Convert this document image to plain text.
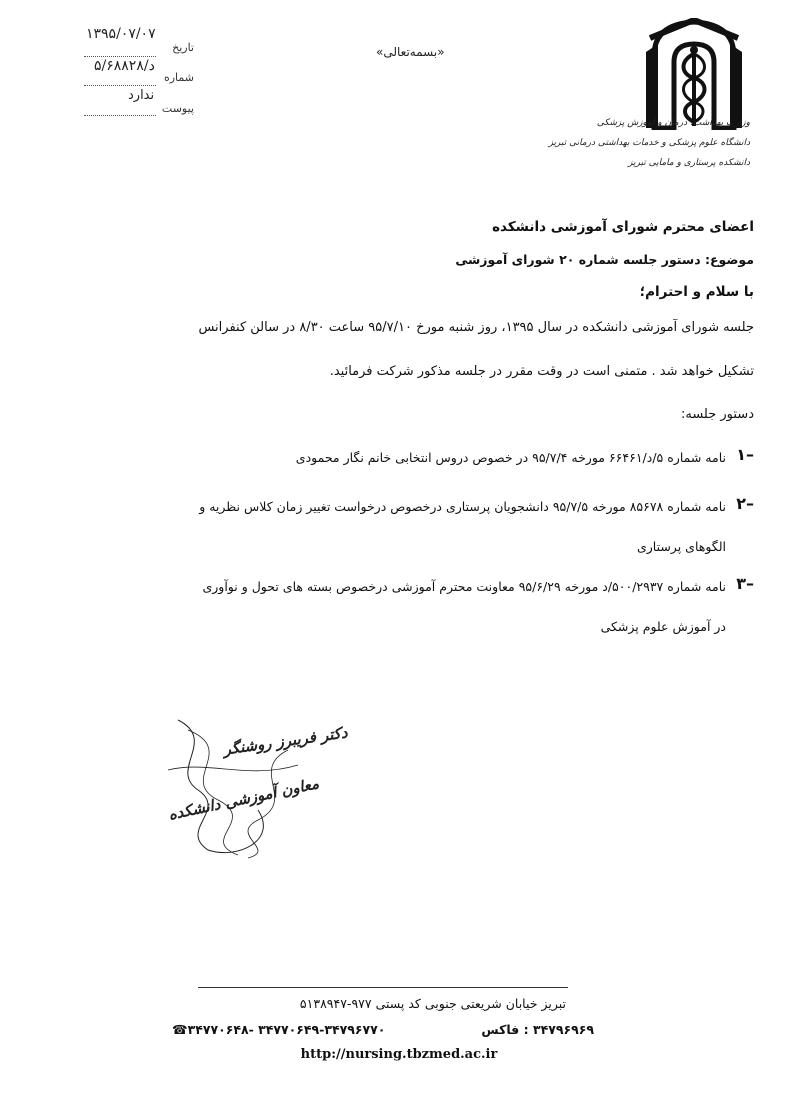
۱۳۹۵/۰۷/۰۷
تاریخ
۵/د/۶۸۸۲۸
شماره
ندارد
پیوست
«بسمه‌تعالی»
وزارت بهداشت، درمان و آموزش پزشکی
دانشگاه علوم پزشکی و خدمات بهداشتی درمانی تبریز
دانشکده پرستاری و مامایی تبریز
اعضای محترم شورای آموزشی دانشکده
موضوع: دستور جلسه شماره ۲۰ شورای آموزشی
با سلام و احترام؛
جلسه شورای آموزشی دانشکده در سال ۱۳۹۵، روز شنبه مورخ ۹۵/۷/۱۰ ساعت ۸/۳۰ در سالن کنفرانس
تشکیل خواهد شد . متمنی است در وقت مقرر در جلسه مذکور شرکت فرمائید.
دستور جلسه:
۱–
نامه شماره ۵/د/۶۶۴۶۱ مورخه ۹۵/۷/۴ در خصوص دروس انتخابی خانم نگار محمودی
۲–
نامه شماره ۸۵۶۷۸ مورخه ۹۵/۷/۵ دانشجویان پرستاری درخصوص درخواست تغییر زمان کلاس نظریه و
الگوهای پرستاری
۳–
نامه شماره ۵۰۰/۲۹۳۷/د مورخه ۹۵/۶/۲۹ معاونت محترم آموزشی درخصوص بسته های تحول و نوآوری
در آموزش علوم پزشکی
دکتر فریبرز روشنگر
معاون آموزشی دانشکده
تبریز خیابان شریعتی جنوبی کد پستی ۹۷۷-۵۱۳۸۹۴۷
۳۴۷۹۶۹۶۹ : فاکس
☎۳۴۷۷۰۶۴۸- ۳۴۷۷۰۶۴۹-۳۴۷۹۶۷۷۰
http://nursing.tbzmed.ac.ir
